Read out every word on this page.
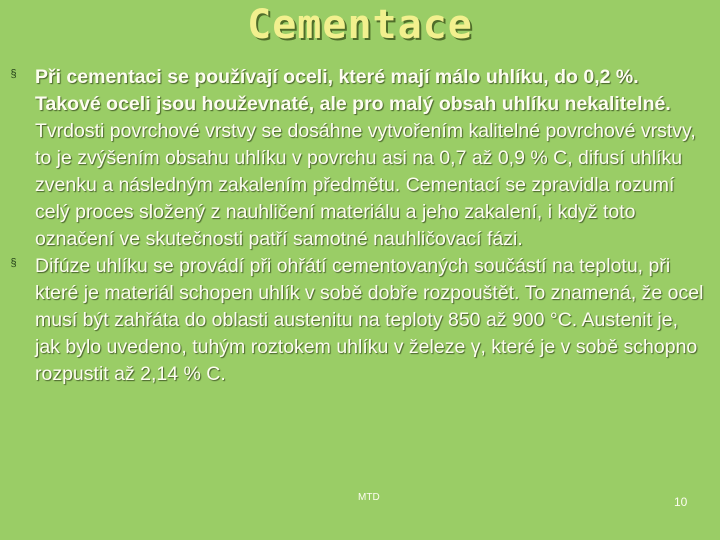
Cementace
§ Při cementaci se používají oceli, které mají málo uhlíku, do 0,2 %. Takové oceli jsou houževnaté, ale pro malý obsah uhlíku nekalitelné. Tvrdosti povrchové vrstvy se dosáhne vytvořením kalitelné povrchové vrstvy, to je zvýšením obsahu uhlíku v povrchu asi na 0,7 až 0,9 % C, difusí uhlíku zvenku a následným zakalením předmětu. Cementací se zpravidla rozumí celý proces složený z nauhličení materiálu a jeho zakalení, i když toto označení ve skutečnosti patří samotné nauhličovací fázi.
§ Difúze uhlíku se provádí při ohřátí cementovaných součástí na teplotu, při které je materiál schopen uhlík v sobě dobře rozpouštět. To znamená, že ocel musí být zahřáta do oblasti austenitu na teploty 850 až 900 °C. Austenit je, jak bylo uvedeno, tuhým roztokem uhlíku v železe γ, které je v sobě schopno rozpustit až 2,14 % C.
MTD	10
